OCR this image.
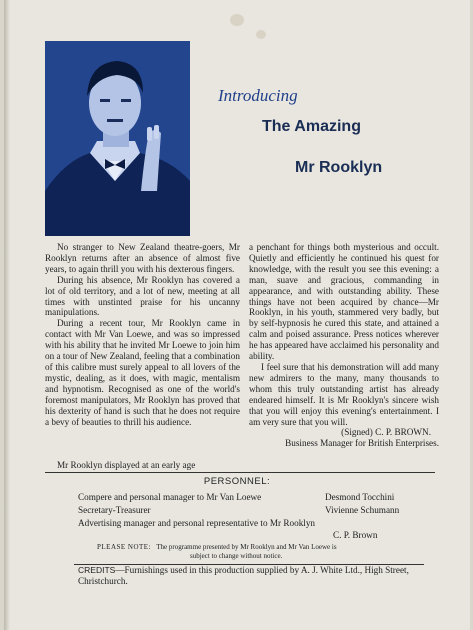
Introducing
The Amazing
Mr Rooklyn

No stranger to New Zealand theatre-goers, Mr Rooklyn returns after an absence of almost five years, to again thrill you with his dexterous fingers.

During his absence, Mr Rooklyn has covered a lot of old territory, and a lot of new, meeting at all times with unstinted praise for his uncanny manipulations.

During a recent tour, Mr Rooklyn came in contact with Mr Van Loewe, and was so impressed with his ability that he invited Mr Loewe to join him on a tour of New Zealand, feeling that a combination of this calibre must surely appeal to all lovers of the mystic, dealing, as it does, with magic, mentalism and hypnotism. Recognised as one of the world's foremost manipulators, Mr Rooklyn has proved that his dexterity of hand is such that he does not require a bevy of beauties to thrill his audience.

Mr Rooklyn displayed at an early age

a penchant for things both mysterious and occult. Quietly and efficiently he continued his quest for knowledge, with the result you see this evening: a man, suave and gracious, commanding in appearance, and with outstanding ability. These things have not been acquired by chance—Mr Rooklyn, in his youth, stammered very badly, but by self-hypnosis he cured this state, and attained a calm and poised assurance. Press notices wherever he has appeared have acclaimed his personality and ability.

I feel sure that his demonstration will add many new admirers to the many, many thousands to whom this truly outstanding artist has already endeared himself. It is Mr Rooklyn's sincere wish that you will enjoy this evening's entertainment. I am very sure that you will.

(Signed) C. P. BROWN.
Business Manager for British Enterprises.
PERSONNEL:
Compere and personal manager to Mr Van Loewe	Desmond Tocchini
Secretary-Treasurer	Vivienne Schumann
Advertising manager and personal representative to Mr Rooklyn
C. P. Brown
PLEASE NOTE: The programme presented by Mr Rooklyn and Mr Van Loewe is
subject to change without notice.
CREDITS—Furnishings used in this production supplied by A. J. White Ltd., High Street, Christchurch.
